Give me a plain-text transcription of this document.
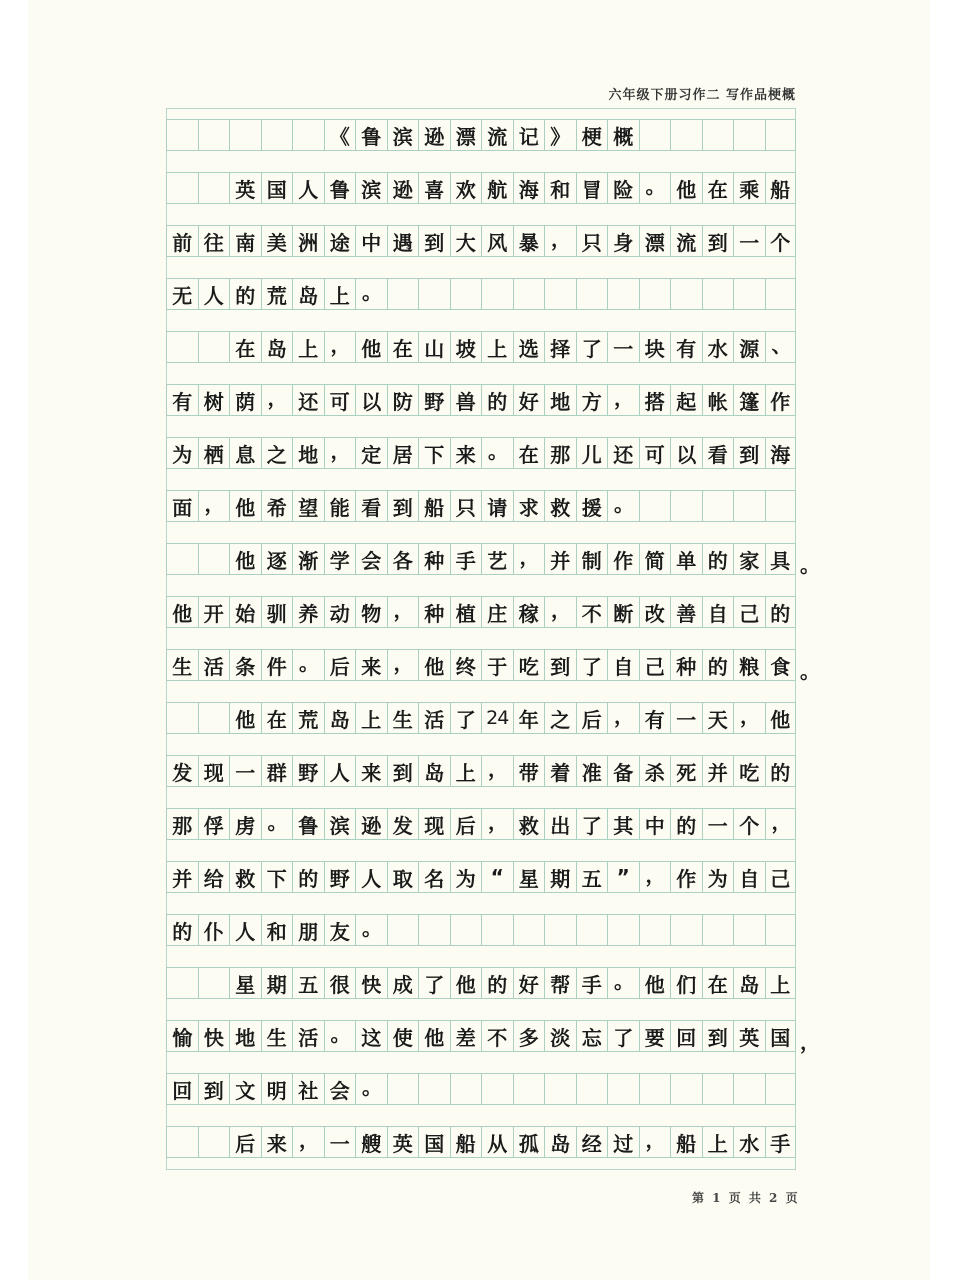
六年级下册习作二 写作品梗概
《 鲁 滨 逊 漂 流 记 》 梗 概
英 国 人 鲁 滨 逊 喜 欢 航 海 和 冒 险 。 他 在 乘 船
前 往 南 美 洲 途 中 遇 到 大 风 暴 ， 只 身 漂 流 到 一 个
无 人 的 荒 岛 上 。
在 岛 上 ， 他 在 山 坡 上 选 择 了 一 块 有 水 源 、
有 树 荫 ， 还 可 以 防 野 兽 的 好 地 方 ， 搭 起 帐 篷 作
为 栖 息 之 地 ， 定 居 下 来 。 在 那 儿 还 可 以 看 到 海
面 ， 他 希 望 能 看 到 船 只 请 求 救 援 。
他 逐 渐 学 会 各 种 手 艺 ， 并 制 作 简 单 的 家 具
他 开 始 驯 养 动 物 ， 种 植 庄 稼 ， 不 断 改 善 自 己 的
生 活 条 件 。 后 来 ， 他 终 于 吃 到 了 自 己 种 的 粮 食
他 在 荒 岛 上 生 活 了 24 年 之 后 ， 有 一 天 ， 他
发 现 一 群 野 人 来 到 岛 上 ， 带 着 准 备 杀 死 并 吃 的
那 俘 虏 。 鲁 滨 逊 发 现 后 ， 救 出 了 其 中 的 一 个 ，
并 给 救 下 的 野 人 取 名 为 “ 星 期 五 ” ， 作 为 自 己
的 仆 人 和 朋 友 。
星 期 五 很 快 成 了 他 的 好 帮 手 。 他 们 在 岛 上
愉 快 地 生 活 。 这 使 他 差 不 多 淡 忘 了 要 回 到 英 国
回 到 文 明 社 会 。
后 来 ， 一 艘 英 国 船 从 孤 岛 经 过 ， 船 上 水 手
第 1 页 共 2 页
。
。
，
